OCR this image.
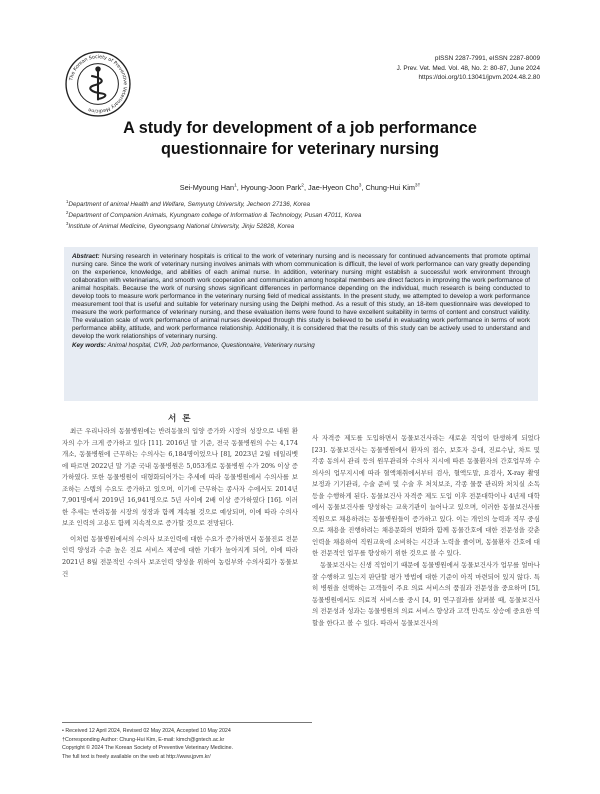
The Korean Society of Preventive Veterinary Medicine
pISSN 2287-7991, eISSN 2287-8009
J. Prev. Vet. Med. Vol. 48, No. 2: 80-87, June 2024
https://doi.org/10.13041/jpvm.2024.48.2.80
A study for development of a job performance
questionnaire for veterinary nursing
Sei-Myoung Han$^1$, Hyoung-Joon Park$^2$, Jae-Hyeon Cho$^3$, Chung-Hui Kim$^{3\dagger}$
$^1$Department of animal Health and Welfare, Semyung University, Jecheon 27136, Korea
$^2$Department of Companion Animals, Kyungnam college of Information & Technology, Pusan 47011, Korea
$^3$Institute of Animal Medicine, Gyeongsang National University, Jinju 52828, Korea
Abstract: Nursing research in veterinary hospitals is critical to the work of veterinary nursing and is necessary for continued advancements that promote optimal nursing care. Since the work of veterinary nursing involves animals with whom communication is difficult, the level of work performance can vary greatly depending on the experience, knowledge, and abilities of each animal nurse. In addition, veterinary nursing might establish a successful work environment through collaboration with veterinarians, and smooth work cooperation and communication among hospital members are direct factors in improving the work performance of animal hospitals. Because the work of nursing shows significant differences in performance depending on the individual, much research is being conducted to develop tools to measure work performance in the veterinary nursing field of medical assistants. In the present study, we attempted to develop a work performance measurement tool that is useful and suitable for veterinary nursing using the Delphi method. As a result of this study, an 18-item questionnaire was developed to measure the work performance of veterinary nursing, and these evaluation items were found to have excellent suitability in terms of content and construct validity. The evaluation scale of work performance of animal nurses developed through this study is believed to be useful in evaluating work performance in terms of work performance ability, attitude, and work performance relationship. Additionally, it is considered that the results of this study can be actively used to understand and develop the work relationships of veterinary nursing.
Key words: Animal hospital, CVR, Job performance, Questionnaire, Veterinary nursing

서 론

최근 우리나라의 동물병원에는 반려동물의 입양 증가와 시장의 성장으로 내원 환자의 수가 크게 증가하고 있다 [11]. 2016년 말 기준, 전국 동물병원의 수는 4,174개소, 동물병원에 근무하는 수의사는 6,184명이었으나 [8], 2023년 2월 데일리벳에 따르면 2022년 말 기준 국내 동물병원은 5,053개로 동물병원 수가 20% 이상 증가하였다. 또한 동물병원이 대형화되어가는 추세에 따라 동물병원에서 수의사를 보조하는 스텝의 수요도 증가하고 있으며, 이기에 근무하는 종사자 수에서도 2014년 7,901명에서 2019년 16,941명으로 5년 사이에 2배 이상 증가하였다 [16]. 이러한 추세는 반려동물 시장의 성장과 함께 계속될 것으로 예상되며, 이에 따라 수의사 보조 인력의 고용도 함께 지속적으로 증가할 것으로 전망된다.

이처럼 동물병원에서의 수의사 보조인력에 대한 수요가 증가하면서 동물진료 전문 인력 양성과 수준 높은 진료 서비스 제공에 대한 기대가 높아지게 되어, 이에 따라 2021년 8월 전문적인 수의사 보조인력 양성을 위하여 농림부와 수의사회가 동물보건

사 자격증 제도를 도입하면서 동물보건사라는 새로운 직업이 탄생하게 되었다 [23]. 동물보건사는 동물병원에서 환자의 접수, 보호자 응대, 진료수납, 차트 및 각종 동의서 관리 등의 원무관리와 수의사 지시에 따른 동물환자의 간호업무와 수의사의 업무지시에 따라 혈액채취에서부터 검사, 혈액도말, 요검사, X-ray 촬영 보정과 기기관리, 수술 준비 및 수술 후 처치보조, 각종 물품 관리와 처치실 소독 등을 수행하게 된다. 동물보건사 자격증 제도 도입 이후 전문대학이나 4년제 대학에서 동물보건사를 양성하는 교육기관이 늘어나고 있으며, 이러한 동물보건사를 직원으로 채용하려는 동물병원들이 증가하고 있다. 이는 개인의 능력과 직무 중심으로 채용을 진행하려는 채용문화의 변화와 함께 동물간호에 대한 전문성을 갖춘 인력을 채용하여 직원교육에 소비하는 시간과 노력을 줄이며, 동물환자 간호에 대한 전문적인 업무를 향상하기 위한 것으로 볼 수 있다.

동물보건사는 신생 직업이기 때문에 동물병원에서 동물보건사가 업무를 얼마나 잘 수행하고 있는지 판단할 평가 방법에 대한 기준이 아직 마련되어 있지 않다. 특히 병원을 선택하는 고객들이 주요 의료 서비스의 품질과 전문성을 중요하며 [5], 동물병원에서도 의료적 서비스를 중시 [4, 9] 연구결과를 살펴볼 때, 동물보건사의 전문성과 성과는 동물병원의 의료 서비스 향상과 고객 만족도 상승에 중요한 역할을 한다고 볼 수 있다. 따라서 동물보건사의

• Received 12 April 2024, Revised 02 May 2024, Accepted 10 May 2024
†Corresponding Author: Chung-Hui Kim, E-mail: kimch@gntech.ac.kr
Copyright © 2024 The Korean Society of Preventive Veterinary Medicine.
The full text is freely available on the web at http://www.jpvm.kr/
